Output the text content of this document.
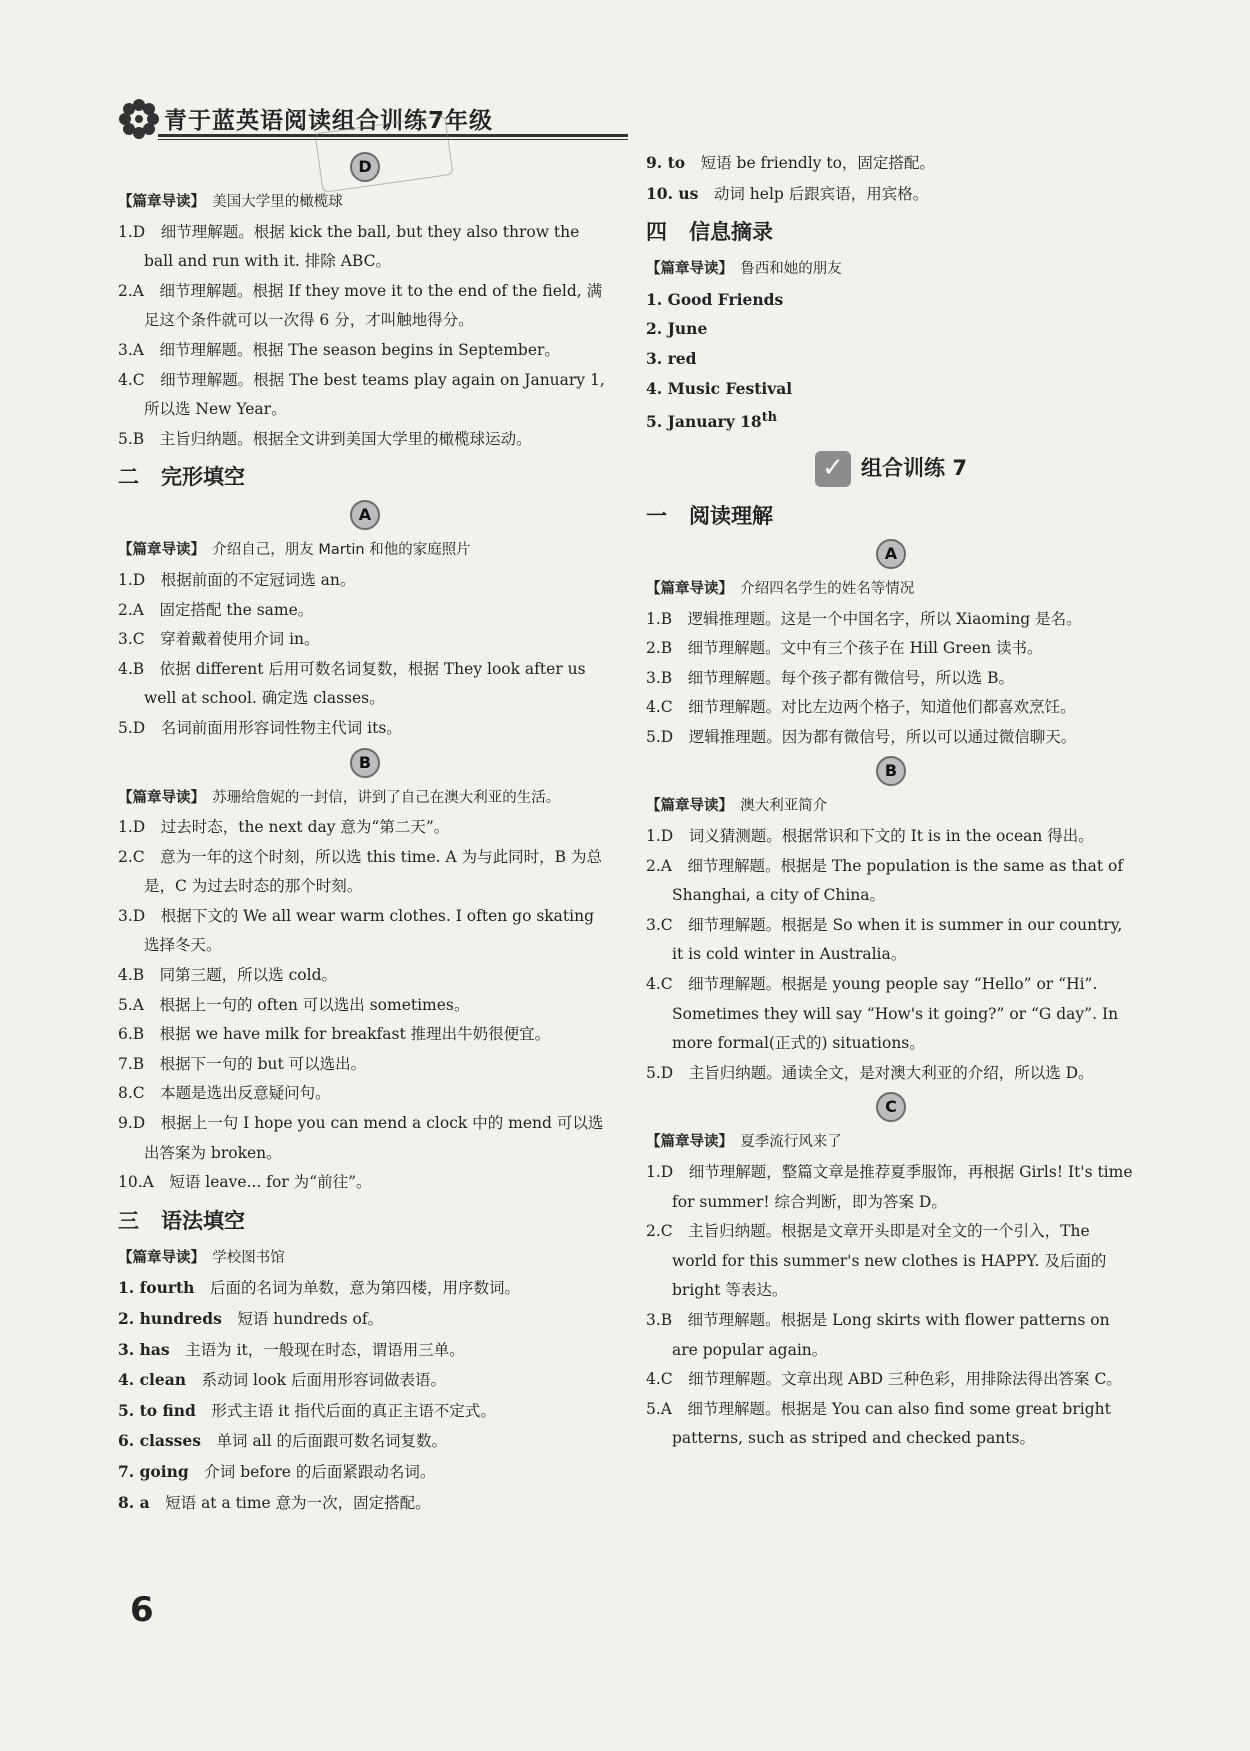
青于蓝英语阅读组合训练7年级
D

【篇章导读】　 美国大学里的橄榄球

1.D　细节理解题。根据 kick the ball, but they also throw the ball and run with it. 排除 ABC。

2.A　细节理解题。根据 If they move it to the end of the field, 满足这个条件就可以一次得 6 分，才叫触地得分。

3.A　细节理解题。根据 The season begins in September。

4.C　细节理解题。根据 The best teams play again on January 1, 所以选 New Year。

5.B　主旨归纳题。根据全文讲到美国大学里的橄榄球运动。

二 完形填空
A

【篇章导读】　 介绍自己，朋友 Martin 和他的家庭照片

1.D　根据前面的不定冠词选 an。

2.A　固定搭配 the same。

3.C　穿着戴着使用介词 in。

4.B　依据 different 后用可数名词复数，根据 They look after us well at school. 确定选 classes。

5.D　名词前面用形容词性物主代词 its。

B

【篇章导读】　 苏珊给詹妮的一封信，讲到了自己在澳大利亚的生活。

1.D　过去时态，the next day 意为“第二天”。

2.C　意为一年的这个时刻，所以选 this time. A 为与此同时，B 为总是，C 为过去时态的那个时刻。

3.D　根据下文的 We all wear warm clothes. I often go skating 选择冬天。

4.B　同第三题，所以选 cold。

5.A　根据上一句的 often 可以选出 sometimes。

6.B　根据 we have milk for breakfast 推理出牛奶很便宜。

7.B　根据下一句的 but 可以选出。

8.C　本题是选出反意疑问句。

9.D　根据上一句 I hope you can mend a clock 中的 mend 可以选出答案为 broken。

10.A　短语 leave... for 为“前往”。

三 语法填空

【篇章导读】　 学校图书馆

1. fourth　 后面的名词为单数，意为第四楼，用序数词。

2. hundreds　 短语 hundreds of。

3. has　 主语为 it，一般现在时态，谓语用三单。

4. clean　 系动词 look 后面用形容词做表语。

5. to find　 形式主语 it 指代后面的真正主语不定式。

6. classes　 单词 all 的后面跟可数名词复数。

7. going　 介词 before 的后面紧跟动名词。

8. a　 短语 at a time 意为一次，固定搭配。

9. to　 短语 be friendly to，固定搭配。

10. us　 动词 help 后跟宾语，用宾格。

四 信息摘录

【篇章导读】　 鲁西和她的朋友

1. Good Friends

2. June

3. red

4. Music Festival

5. January 18th

✓ 组合训练 7
一 阅读理解
A

【篇章导读】　 介绍四名学生的姓名等情况

1.B　逻辑推理题。这是一个中国名字，所以 Xiaoming 是名。

2.B　细节理解题。文中有三个孩子在 Hill Green 读书。

3.B　细节理解题。每个孩子都有微信号，所以选 B。

4.C　细节理解题。对比左边两个格子，知道他们都喜欢烹饪。

5.D　逻辑推理题。因为都有微信号，所以可以通过微信聊天。

B

【篇章导读】　 澳大利亚简介

1.D　词义猜测题。根据常识和下文的 It is in the ocean 得出。

2.A　细节理解题。根据是 The population is the same as that of Shanghai, a city of China。

3.C　细节理解题。根据是 So when it is summer in our country, it is cold winter in Australia。

4.C　细节理解题。根据是 young people say “Hello” or “Hi”. Sometimes they will say “How's it going?” or “G day”. In more formal(正式的) situations。

5.D　主旨归纳题。通读全文，是对澳大利亚的介绍，所以选 D。

C

【篇章导读】　 夏季流行风来了

1.D　细节理解题，整篇文章是推荐夏季服饰，再根据 Girls! It's time for summer! 综合判断，即为答案 D。

2.C　主旨归纳题。根据是文章开头即是对全文的一个引入，The world for this summer's new clothes is HAPPY. 及后面的 bright 等表达。

3.B　细节理解题。根据是 Long skirts with flower patterns on are popular again。

4.C　细节理解题。文章出现 ABD 三种色彩，用排除法得出答案 C。

5.A　细节理解题。根据是 You can also find some great bright patterns, such as striped and checked pants。

6
